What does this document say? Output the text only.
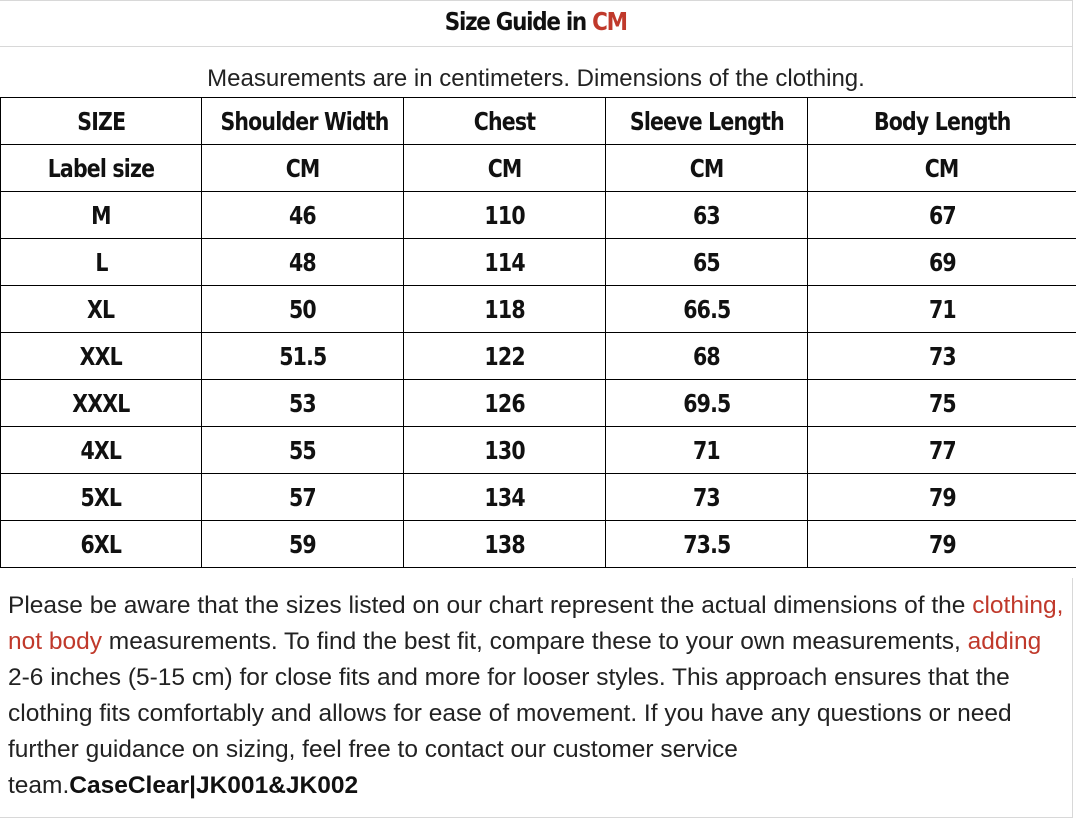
Size Guide in CM
Measurements are in centimeters. Dimensions of the clothing.
SIZE	Shoulder Width	Chest	Sleeve Length	Body Length
Label size	CM	CM	CM	CM
M	46	110	63	67
L	48	114	65	69
XL	50	118	66.5	71
XXL	51.5	122	68	73
XXXL	53	126	69.5	75
4XL	55	130	71	77
5XL	57	134	73	79
6XL	59	138	73.5	79
Please be aware that the sizes listed on our chart represent the actual dimensions of the clothing, not body measurements. To find the best fit, compare these to your own measurements, adding 2-6 inches (5-15 cm) for close fits and more for looser styles. This approach ensures that the clothing fits comfortably and allows for ease of movement. If you have any questions or need further guidance on sizing, feel free to contact our customer service team.CaseClear|JK001&JK002
